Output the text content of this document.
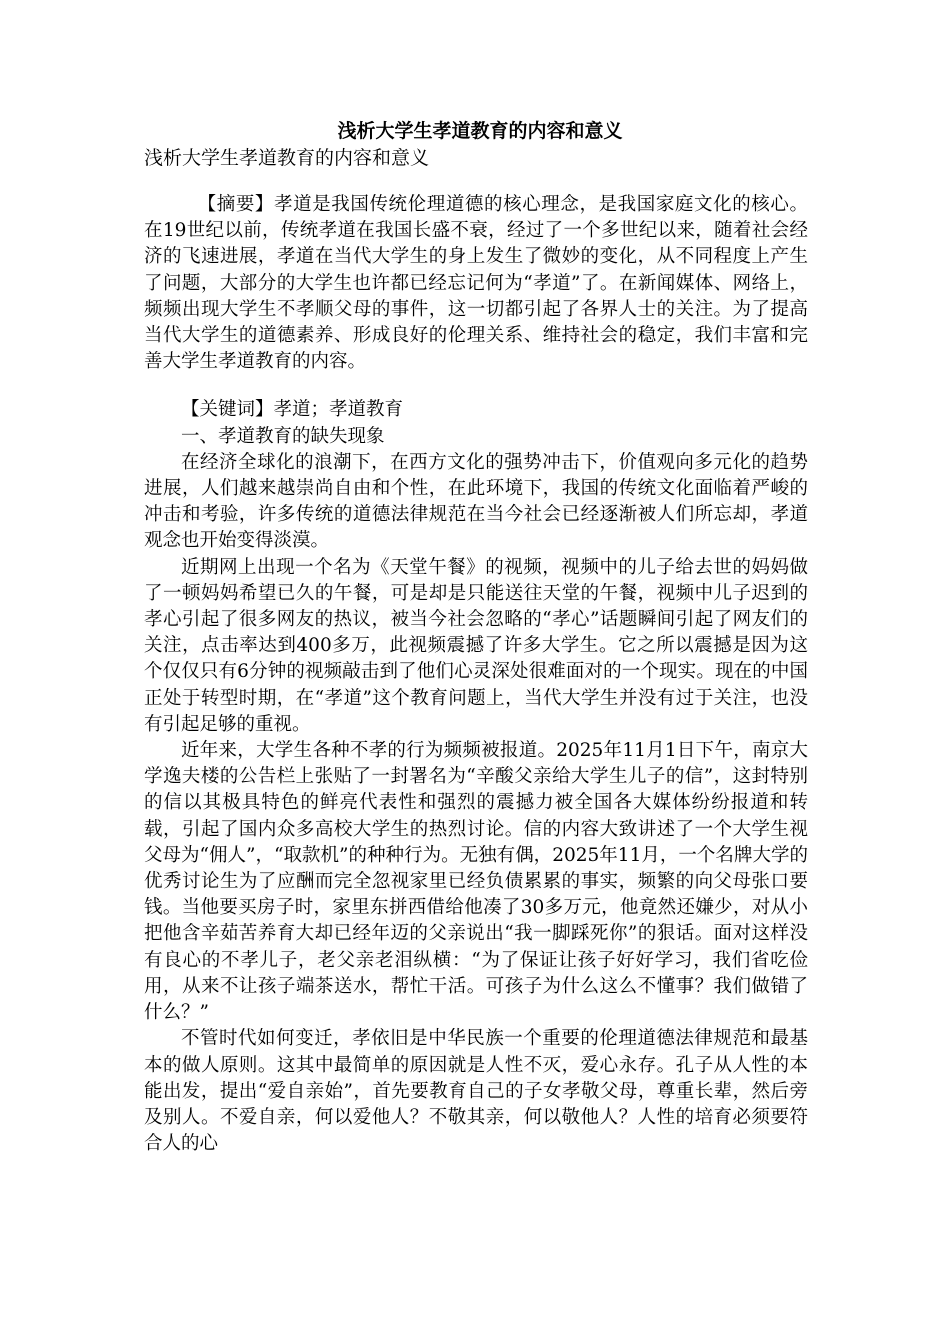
浅析大学生孝道教育的内容和意义

浅析大学生孝道教育的内容和意义

【摘要】孝道是我国传统伦理道德的核心理念，是我国家庭文化的核心。在19世纪以前，传统孝道在我国长盛不衰，经过了一个多世纪以来，随着社会经济的飞速进展，孝道在当代大学生的身上发生了微妙的变化，从不同程度上产生了问题，大部分的大学生也许都已经忘记何为“孝道”了。在新闻媒体、网络上，频频出现大学生不孝顺父母的事件，这一切都引起了各界人士的关注。为了提高当代大学生的道德素养、形成良好的伦理关系、维持社会的稳定，我们丰富和完善大学生孝道教育的内容。

【关键词】孝道；孝道教育

一、孝道教育的缺失现象

在经济全球化的浪潮下，在西方文化的强势冲击下，价值观向多元化的趋势进展，人们越来越崇尚自由和个性，在此环境下，我国的传统文化面临着严峻的冲击和考验，许多传统的道德法律规范在当今社会已经逐渐被人们所忘却，孝道观念也开始变得淡漠。

近期网上出现一个名为《天堂午餐》的视频，视频中的儿子给去世的妈妈做了一顿妈妈希望已久的午餐，可是却是只能送往天堂的午餐，视频中儿子迟到的孝心引起了很多网友的热议，被当今社会忽略的“孝心”话题瞬间引起了网友们的关注，点击率达到400多万，此视频震撼了许多大学生。它之所以震撼是因为这个仅仅只有6分钟的视频敲击到了他们心灵深处很难面对的一个现实。现在的中国正处于转型时期，在“孝道”这个教育问题上，当代大学生并没有过于关注，也没有引起足够的重视。

近年来，大学生各种不孝的行为频频被报道。2025年11月1日下午，南京大学逸夫楼的公告栏上张贴了一封署名为“辛酸父亲给大学生儿子的信”，这封特别的信以其极具特色的鲜亮代表性和强烈的震撼力被全国各大媒体纷纷报道和转载，引起了国内众多高校大学生的热烈讨论。信的内容大致讲述了一个大学生视父母为“佣人”，“取款机”的种种行为。无独有偶，2025年11月，一个名牌大学的优秀讨论生为了应酬而完全忽视家里已经负债累累的事实，频繁的向父母张口要钱。当他要买房子时，家里东拼西借给他凑了30多万元，他竟然还嫌少，对从小把他含辛茹苦养育大却已经年迈的父亲说出“我一脚踩死你”的狠话。面对这样没有良心的不孝儿子，老父亲老泪纵横：“为了保证让孩子好好学习，我们省吃俭用，从来不让孩子端茶送水，帮忙干活。可孩子为什么这么不懂事？我们做错了什么？”

不管时代如何变迁，孝依旧是中华民族一个重要的伦理道德法律规范和最基本的做人原则。这其中最简单的原因就是人性不灭，爱心永存。孔子从人性的本能出发，提出“爱自亲始”，首先要教育自己的子女孝敬父母，尊重长辈，然后旁及别人。不爱自亲，何以爱他人？不敬其亲，何以敬他人？人性的培育必须要符合人的心
